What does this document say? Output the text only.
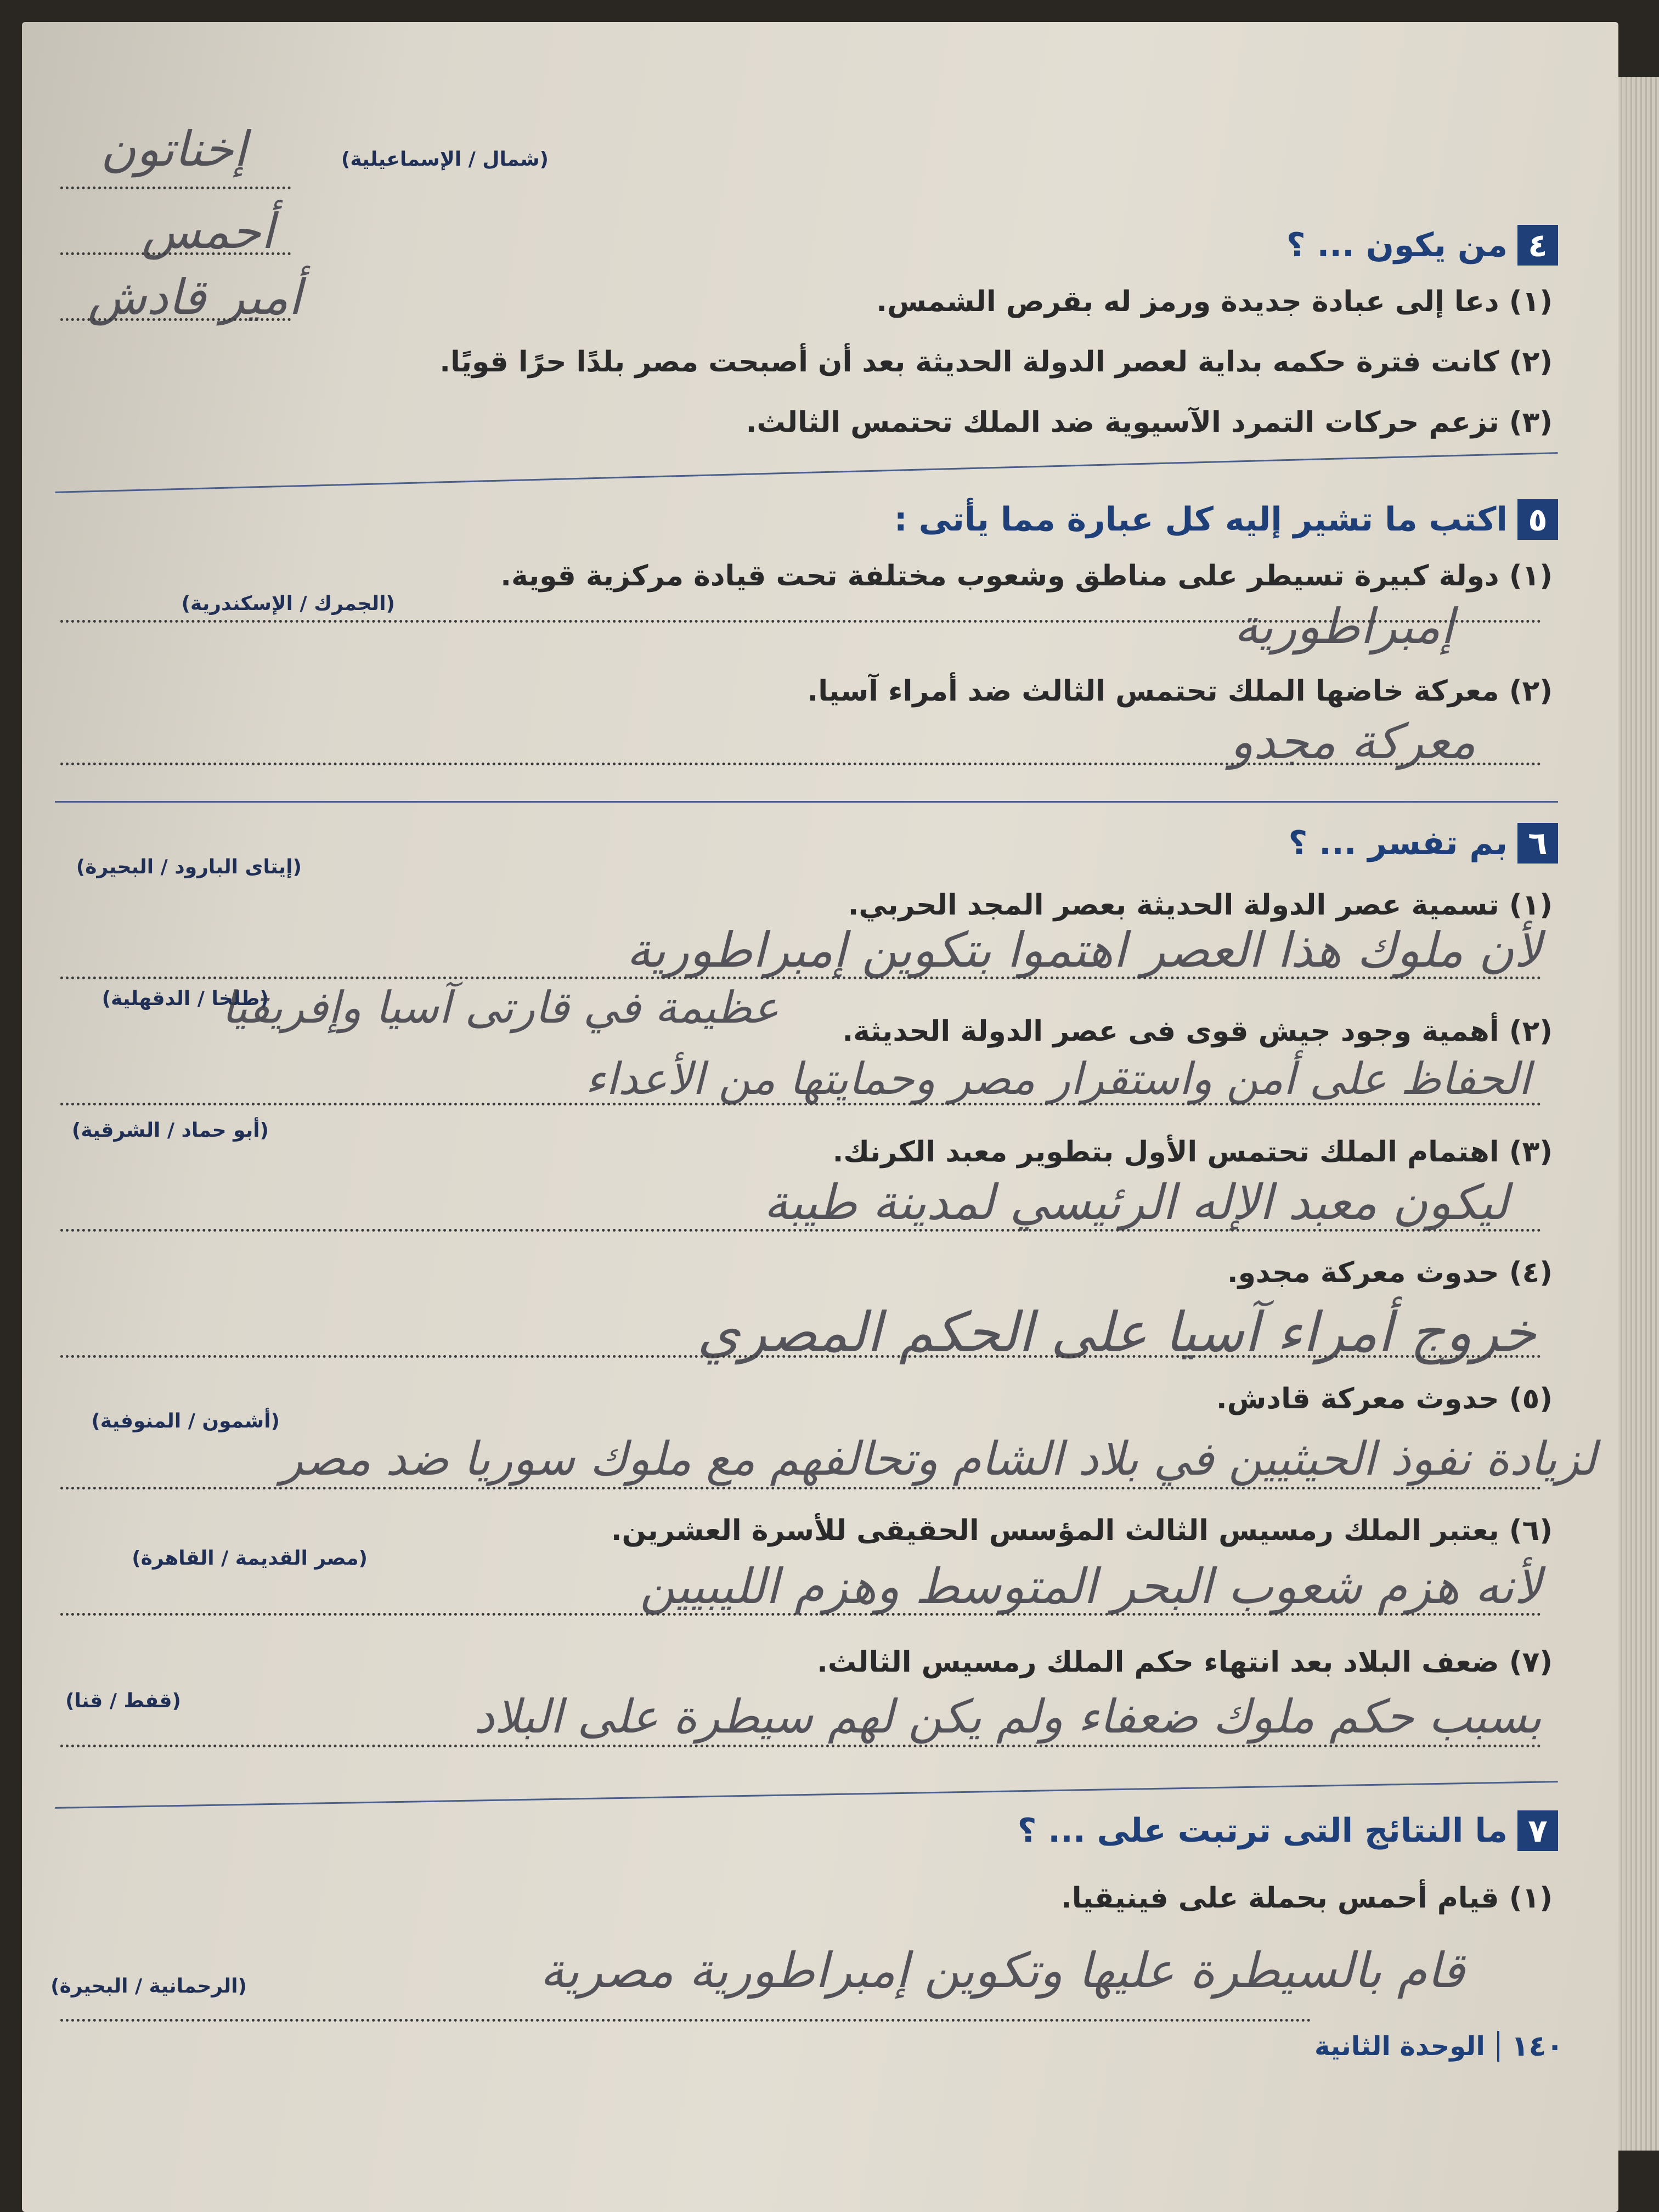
(شمال / الإسماعيلية)
إخناتون
أحمس
أمير قادش
٤
من يكون ... ؟
(١) دعا إلى عبادة جديدة ورمز له بقرص الشمس.
(٢) كانت فترة حكمه بداية لعصر الدولة الحديثة بعد أن أصبحت مصر بلدًا حرًا قويًا.
(٣) تزعم حركات التمرد الآسيوية ضد الملك تحتمس الثالث.
٥
اكتب ما تشير إليه كل عبارة مما يأتى :
(١) دولة كبيرة تسيطر على مناطق وشعوب مختلفة تحت قيادة مركزية قوية.
(الجمرك / الإسكندرية)	إمبراطورية
(٢) معركة خاضها الملك تحتمس الثالث ضد أمراء آسيا.
معركة مجدو
٦
بم تفسر ... ؟
(إيتاى البارود / البحيرة)
(١) تسمية عصر الدولة الحديثة بعصر المجد الحربي.
لأن ملوك هذا العصر اهتموا بتكوين إمبراطورية
(طلخا / الدقهلية)
(٢) أهمية وجود جيش قوى فى عصر الدولة الحديثة.
عظيمة في قارتى آسيا وإفريقيا
الحفاظ على أمن واستقرار مصر وحمايتها من الأعداء
(أبو حماد / الشرقية)
(٣) اهتمام الملك تحتمس الأول بتطوير معبد الكرنك.
ليكون معبد الإله الرئيسي لمدينة طيبة
(٤) حدوث معركة مجدو.
خروج أمراء آسيا على الحكم المصري
(٥) حدوث معركة قادش.
(أشمون / المنوفية)
لزيادة نفوذ الحيثيين في بلاد الشام وتحالفهم مع ملوك سوريا ضد مصر
(٦) يعتبر الملك رمسيس الثالث المؤسس الحقيقى للأسرة العشرين.
(مصر القديمة / القاهرة)	لأنه هزم شعوب البحر المتوسط وهزم الليبيين
(٧) ضعف البلاد بعد انتهاء حكم الملك رمسيس الثالث.
(قفط / قنا)	بسبب حكم ملوك ضعفاء ولم يكن لهم سيطرة على البلاد
٧
ما النتائج التى ترتبت على ... ؟
(١) قيام أحمس بحملة على فينيقيا.
(الرحمانية / البحيرة)	قام بالسيطرة عليها وتكوين إمبراطورية مصرية
١٤٠
الوحدة الثانية
